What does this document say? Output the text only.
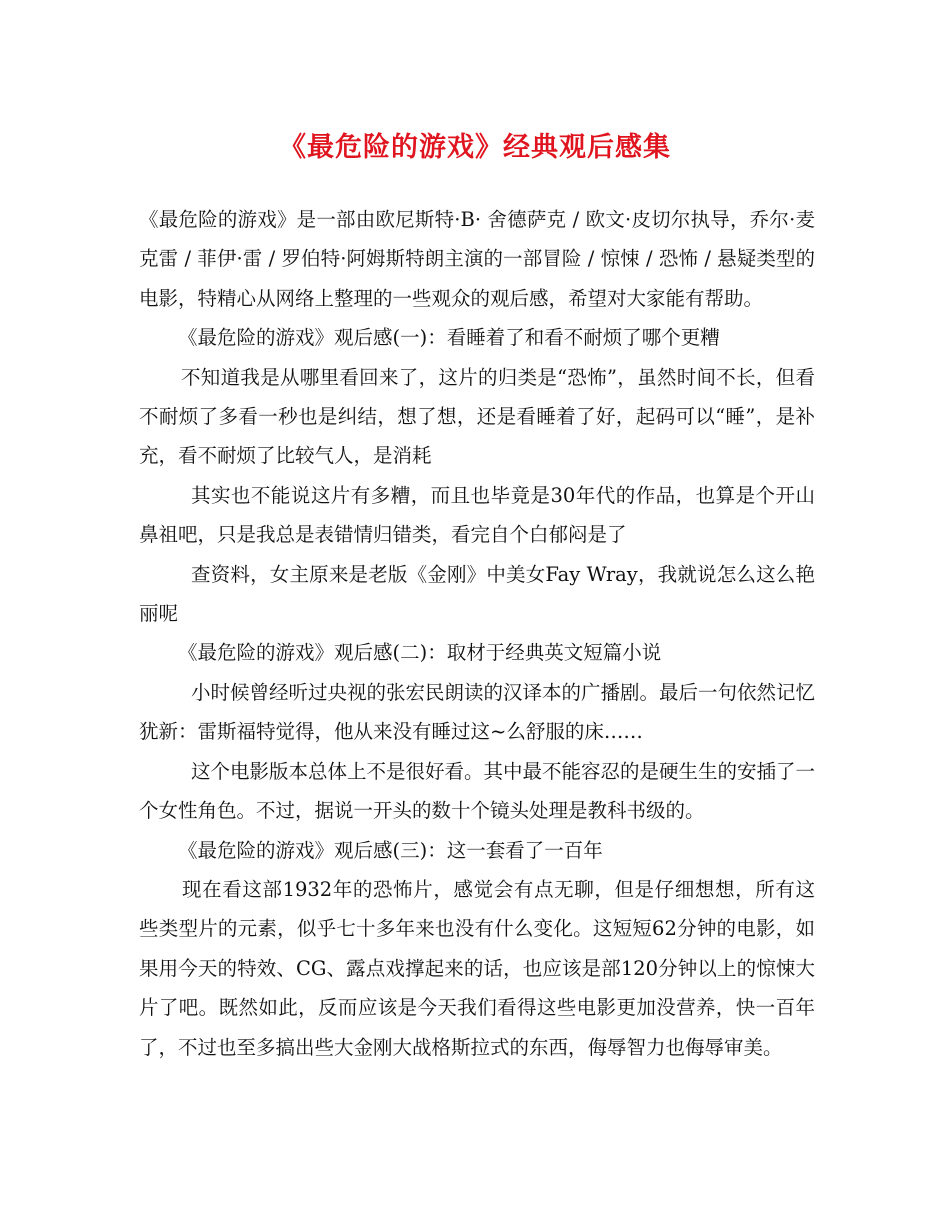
《最危险的游戏》经典观后感集

《最危险的游戏》是一部由欧尼斯特·B· 舍德萨克 / 欧文·皮切尔执导，乔尔·麦克雷 / 菲伊·雷 / 罗伯特·阿姆斯特朗主演的一部冒险 / 惊悚 / 恐怖 / 悬疑类型的电影，特精心从网络上整理的一些观众的观后感，希望对大家能有帮助。

《最危险的游戏》观后感(一)：看睡着了和看不耐烦了哪个更糟

不知道我是从哪里看回来了，这片的归类是“恐怖”，虽然时间不长，但看不耐烦了多看一秒也是纠结，想了想，还是看睡着了好，起码可以“睡”，是补充，看不耐烦了比较气人，是消耗

其实也不能说这片有多糟，而且也毕竟是30年代的作品，也算是个开山鼻祖吧，只是我总是表错情归错类，看完自个白郁闷是了

查资料，女主原来是老版《金刚》中美女Fay Wray，我就说怎么这么艳丽呢

《最危险的游戏》观后感(二)：取材于经典英文短篇小说

小时候曾经听过央视的张宏民朗读的汉译本的广播剧。最后一句依然记忆犹新：雷斯福特觉得，他从来没有睡过这~么舒服的床……

这个电影版本总体上不是很好看。其中最不能容忍的是硬生生的安插了一个女性角色。不过，据说一开头的数十个镜头处理是教科书级的。

《最危险的游戏》观后感(三)：这一套看了一百年

现在看这部1932年的恐怖片，感觉会有点无聊，但是仔细想想，所有这些类型片的元素，似乎七十多年来也没有什么变化。这短短62分钟的电影，如果用今天的特效、CG、露点戏撑起来的话，也应该是部120分钟以上的惊悚大片了吧。既然如此，反而应该是今天我们看得这些电影更加没营养，快一百年了，不过也至多搞出些大金刚大战格斯拉式的东西，侮辱智力也侮辱审美。
